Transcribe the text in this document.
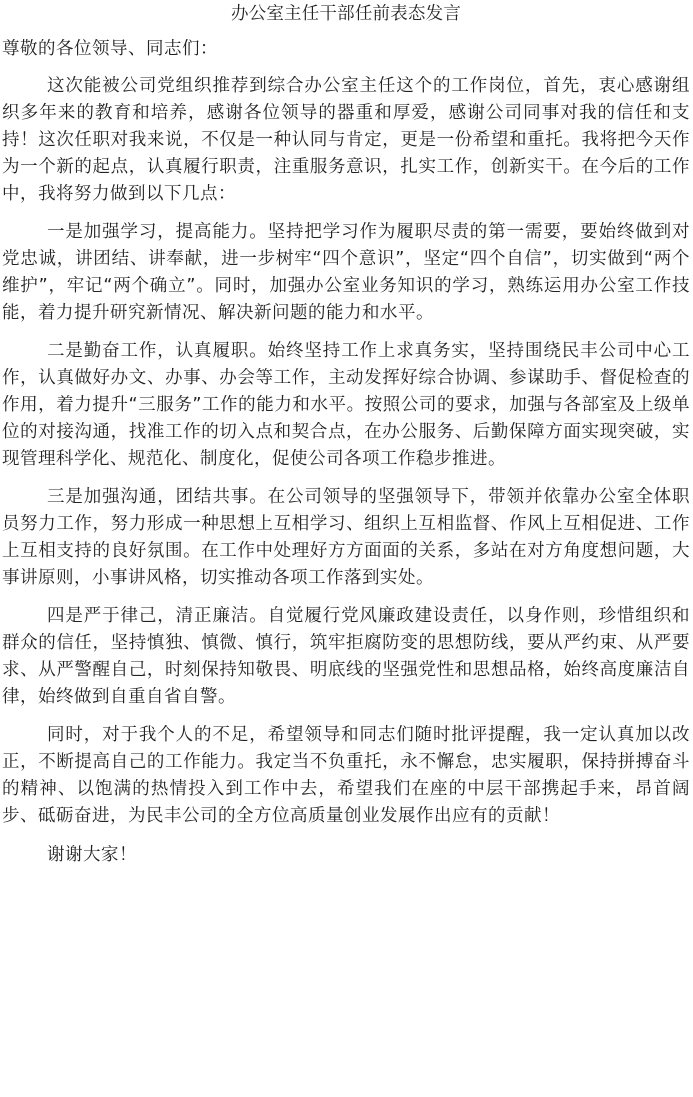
办公室主任干部任前表态发言

尊敬的各位领导、同志们：

这次能被公司党组织推荐到综合办公室主任这个的工作岗位，首先，衷心感谢组织多年来的教育和培养，感谢各位领导的器重和厚爱，感谢公司同事对我的信任和支持！这次任职对我来说，不仅是一种认同与肯定，更是一份希望和重托。我将把今天作为一个新的起点，认真履行职责，注重服务意识，扎实工作，创新实干。在今后的工作中，我将努力做到以下几点：

一是加强学习，提高能力。坚持把学习作为履职尽责的第一需要，要始终做到对党忠诚，讲团结、讲奉献，进一步树牢“四个意识”，坚定“四个自信”，切实做到“两个维护”，牢记“两个确立”。同时，加强办公室业务知识的学习，熟练运用办公室工作技能，着力提升研究新情况、解决新问题的能力和水平。

二是勤奋工作，认真履职。始终坚持工作上求真务实，坚持围绕民丰公司中心工作，认真做好办文、办事、办会等工作，主动发挥好综合协调、参谋助手、督促检查的作用，着力提升“三服务”工作的能力和水平。按照公司的要求，加强与各部室及上级单位的对接沟通，找准工作的切入点和契合点，在办公服务、后勤保障方面实现突破，实现管理科学化、规范化、制度化，促使公司各项工作稳步推进。

三是加强沟通，团结共事。在公司领导的坚强领导下，带领并依靠办公室全体职员努力工作，努力形成一种思想上互相学习、组织上互相监督、作风上互相促进、工作上互相支持的良好氛围。在工作中处理好方方面面的关系，多站在对方角度想问题，大事讲原则，小事讲风格，切实推动各项工作落到实处。

四是严于律己，清正廉洁。自觉履行党风廉政建设责任，以身作则，珍惜组织和群众的信任，坚持慎独、慎微、慎行，筑牢拒腐防变的思想防线，要从严约束、从严要求、从严警醒自己，时刻保持知敬畏、明底线的坚强党性和思想品格，始终高度廉洁自律，始终做到自重自省自警。

同时，对于我个人的不足，希望领导和同志们随时批评提醒，我一定认真加以改正，不断提高自己的工作能力。我定当不负重托，永不懈怠，忠实履职，保持拼搏奋斗的精神、以饱满的热情投入到工作中去，希望我们在座的中层干部携起手来，昂首阔步、砥砺奋进，为民丰公司的全方位高质量创业发展作出应有的贡献！

谢谢大家！
